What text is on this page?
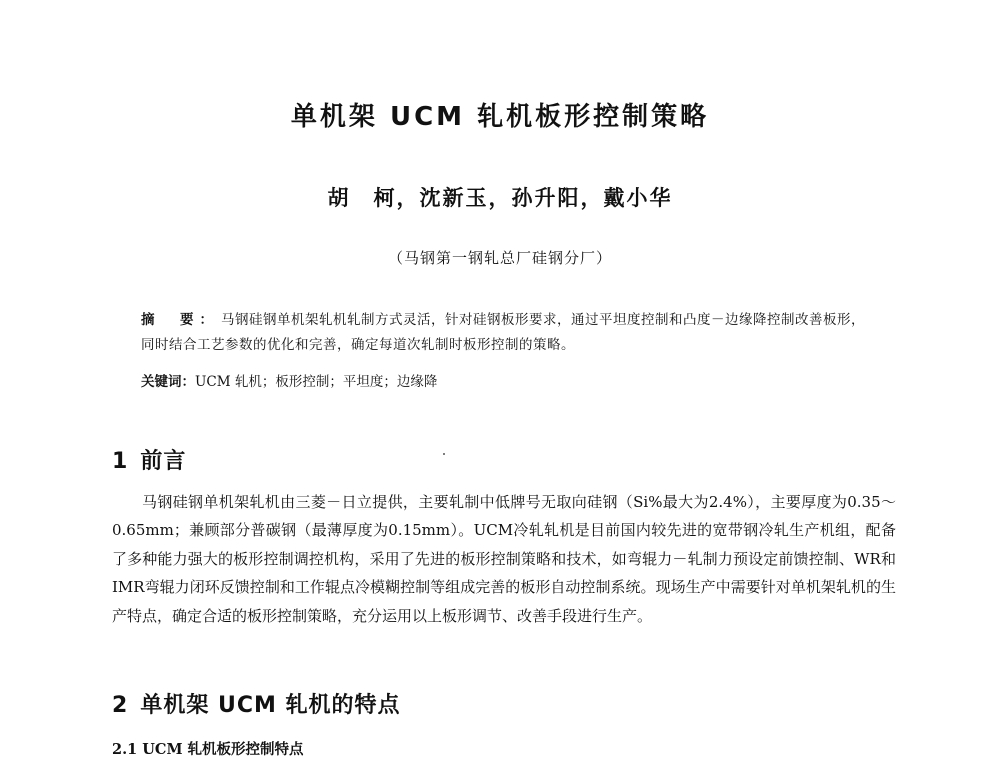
单机架 UCM 轧机板形控制策略
胡　柯，沈新玉，孙升阳，戴小华
（马钢第一钢轧总厂硅钢分厂）
摘　要： 马钢硅钢单机架轧机轧制方式灵活，针对硅钢板形要求，通过平坦度控制和凸度－边缘降控制改善板形，同时结合工艺参数的优化和完善，确定每道次轧制时板形控制的策略。
关键词：UCM 轧机；板形控制；平坦度；边缘降
1 前言
马钢硅钢单机架轧机由三菱－日立提供，主要轧制中低牌号无取向硅钢（Si%最大为2.4%），主要厚度为0.35～0.65mm；兼顾部分普碳钢（最薄厚度为0.15mm）。UCM冷轧轧机是目前国内较先进的宽带钢冷轧生产机组，配备了多种能力强大的板形控制调控机构，采用了先进的板形控制策略和技术，如弯辊力－轧制力预设定前馈控制、WR和IMR弯辊力闭环反馈控制和工作辊点冷模糊控制等组成完善的板形自动控制系统。现场生产中需要针对单机架轧机的生产特点，确定合适的板形控制策略，充分运用以上板形调节、改善手段进行生产。
2 单机架 UCM 轧机的特点
2.1 UCM 轧机板形控制特点
